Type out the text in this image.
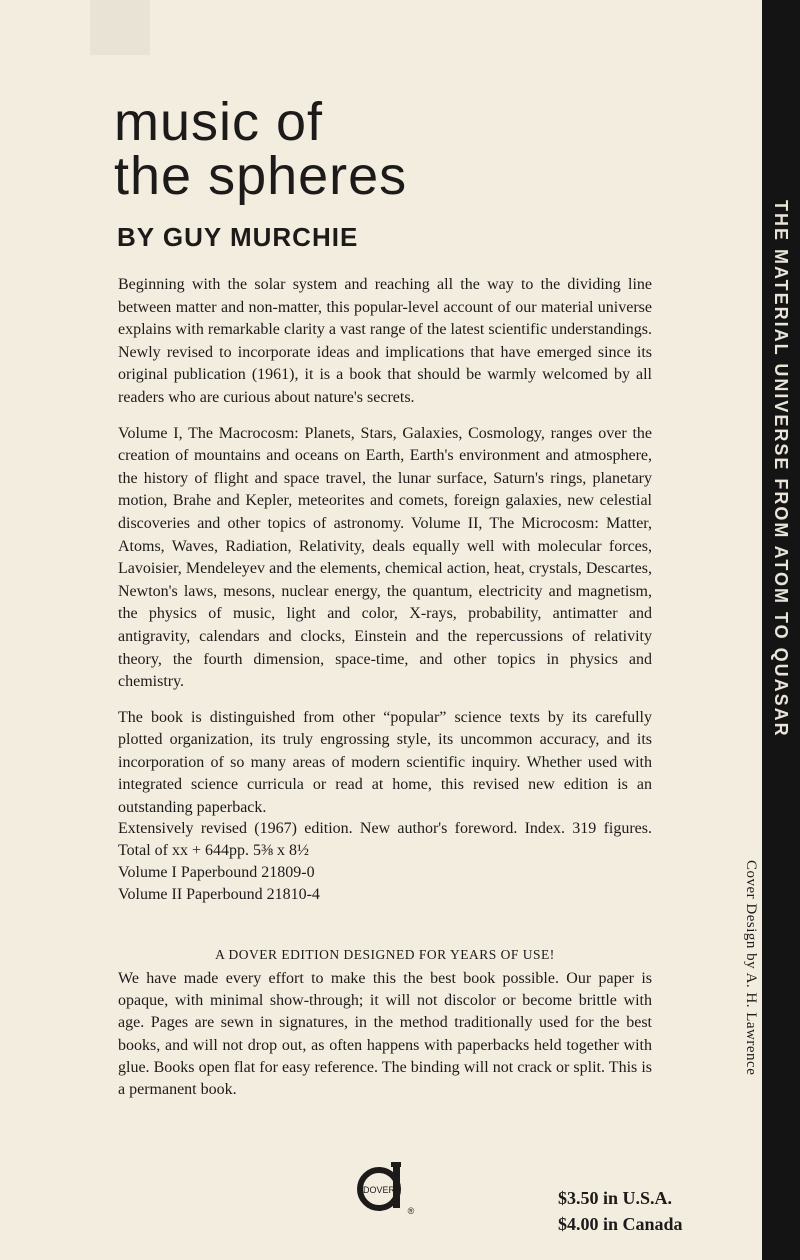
THE MATERIAL UNIVERSE FROM ATOM TO QUASAR
music of
the spheres
BY GUY MURCHIE

Beginning with the solar system and reaching all the way to the dividing line between matter and non-matter, this popular-level account of our material universe explains with remarkable clarity a vast range of the latest scientific understandings. Newly revised to incorporate ideas and implications that have emerged since its original publication (1961), it is a book that should be warmly welcomed by all readers who are curious about nature's secrets.

Volume I, The Macrocosm: Planets, Stars, Galaxies, Cosmology, ranges over the creation of mountains and oceans on Earth, Earth's environment and atmosphere, the history of flight and space travel, the lunar surface, Saturn's rings, planetary motion, Brahe and Kepler, meteorites and comets, foreign galaxies, new celestial discoveries and other topics of astronomy. Volume II, The Microcosm: Matter, Atoms, Waves, Radiation, Relativity, deals equally well with molecular forces, Lavoisier, Mendeleyev and the elements, chemical action, heat, crystals, Descartes, Newton's laws, mesons, nuclear energy, the quantum, electricity and magnetism, the physics of music, light and color, X-rays, probability, antimatter and antigravity, calendars and clocks, Einstein and the repercussions of relativity theory, the fourth dimension, space-time, and other topics in physics and chemistry.

The book is distinguished from other “popular” science texts by its carefully plotted organization, its truly engrossing style, its uncommon accuracy, and its incorporation of so many areas of modern scientific inquiry. Whether used with integrated science curricula or read at home, this revised new edition is an outstanding paperback.

Extensively revised (1967) edition. New author's foreword. Index. 319 figures. Total of xx + 644pp. 5⅜ x 8½

Volume I Paperbound 21809-0

Volume II Paperbound 21810-4

A DOVER EDITION DESIGNED FOR YEARS OF USE!

We have made every effort to make this the best book possible. Our paper is opaque, with minimal show-through; it will not discolor or become brittle with age. Pages are sewn in signatures, in the method traditionally used for the best books, and will not drop out, as often happens with paperbacks held together with glue. Books open flat for easy reference. The binding will not crack or split. This is a permanent book.

DOVER
®
$3.50 in U.S.A.
$4.00 in Canada
Cover Design by A. H. Lawrence
